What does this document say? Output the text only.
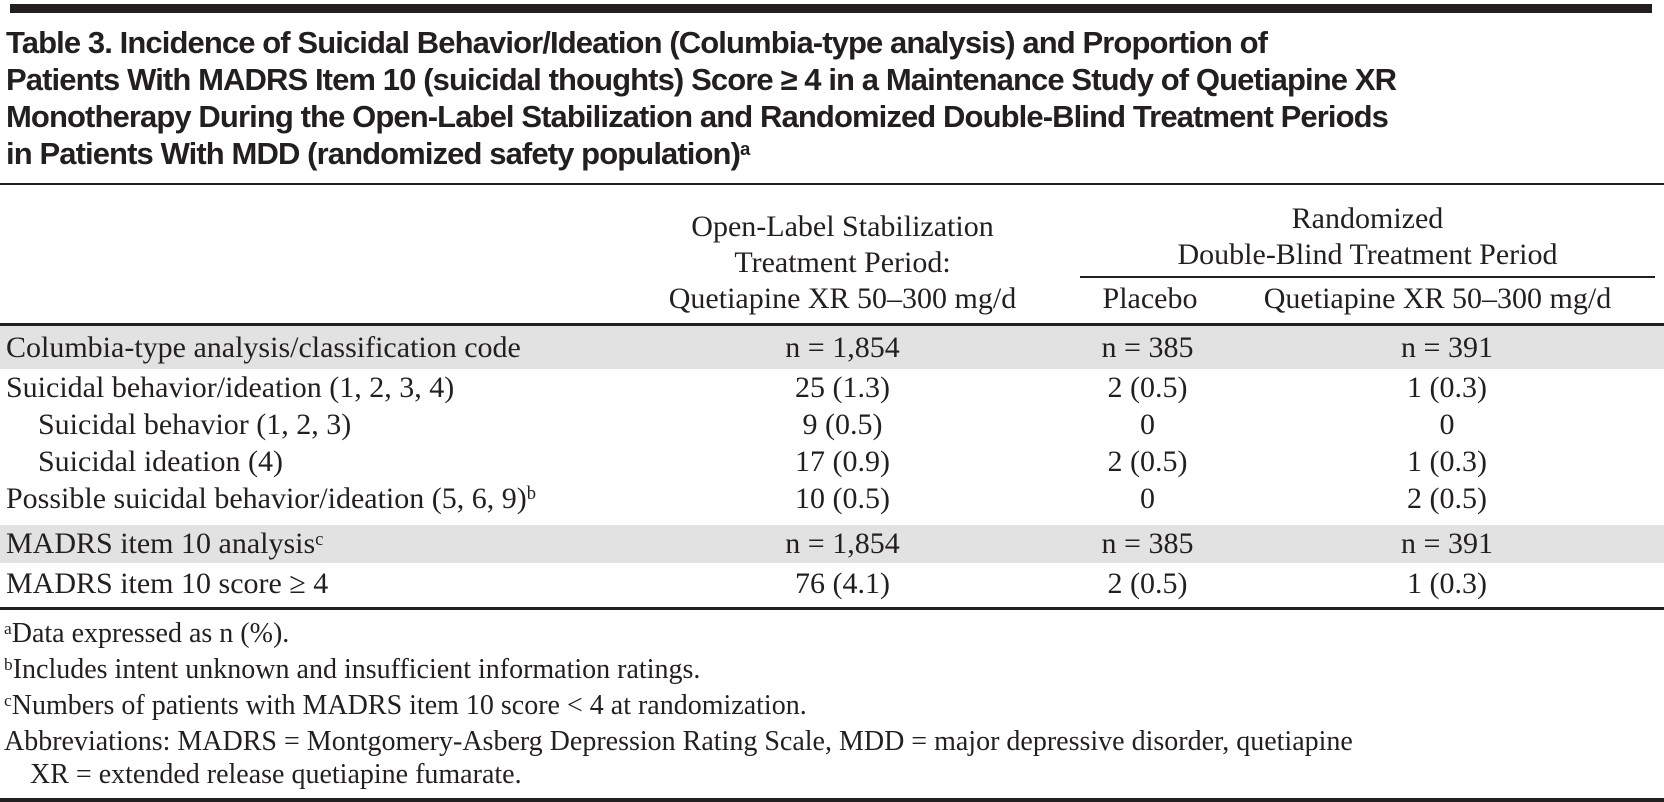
Table 3. Incidence of Suicidal Behavior/Ideation (Columbia-type analysis) and Proportion of
Patients With MADRS Item 10 (suicidal thoughts) Score ≥ 4 in a Maintenance Study of Quetiapine XR
Monotherapy During the Open-Label Stabilization and Randomized Double-Blind Treatment Periods
in Patients With MDD (randomized safety population)$^a$
Open-Label Stabilization
Treatment Period:
Quetiapine XR 50–300 mg/d
Randomized
Double-Blind Treatment Period
Placebo	Quetiapine XR 50–300 mg/d
Columbia-type analysis/classification code	n = 1,854	n = 385	n = 391
Suicidal behavior/ideation (1, 2, 3, 4)	25 (1.3)	2 (0.5)	1 (0.3)
Suicidal behavior (1, 2, 3)	9 (0.5)	0	0
Suicidal ideation (4)	17 (0.9)	2 (0.5)	1 (0.3)
Possible suicidal behavior/ideation (5, 6, 9)$^b$	10 (0.5)	0	2 (0.5)
MADRS item 10 analysis$^c$	n = 1,854	n = 385	n = 391
MADRS item 10 score ≥ 4	76 (4.1)	2 (0.5)	1 (0.3)
$^a$Data expressed as n (%).
$^b$Includes intent unknown and insufficient information ratings.
$^c$Numbers of patients with MADRS item 10 score < 4 at randomization.
Abbreviations: MADRS = Montgomery-Asberg Depression Rating Scale, MDD = major depressive disorder, quetiapine
XR = extended release quetiapine fumarate.
